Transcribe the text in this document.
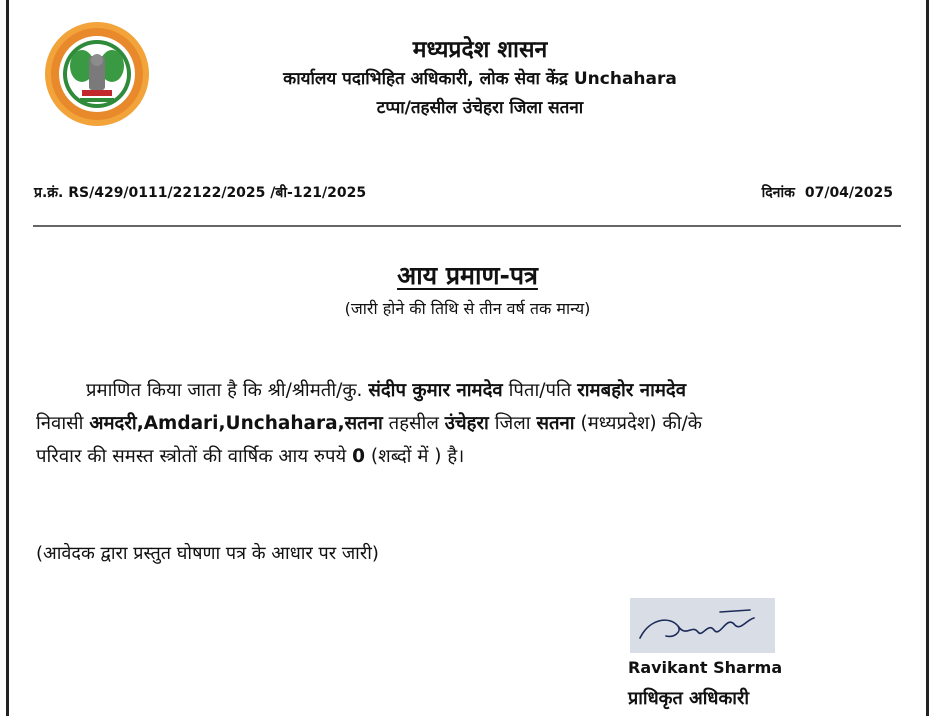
मध्यप्रदेश शासन
कार्यालय पदाभिहित अधिकारी, लोक सेवा केंद्र Unchahara
टप्पा/तहसील उंचेहरा जिला सतना
प्र.क्रं. RS/429/0111/22122/2025 /बी-121/2025	दिनांक 07/04/2025
आय प्रमाण-पत्र
(जारी होने की तिथि से तीन वर्ष तक मान्य)
प्रमाणित किया जाता है कि श्री/श्रीमती/कु. संदीप कुमार नामदेव पिता/पति रामबहोर नामदेव
निवासी अमदरी,Amdari,Unchahara,सतना तहसील उंचेहरा जिला सतना (मध्यप्रदेश) की/के
परिवार की समस्त स्त्रोतों की वार्षिक आय रुपये 0 (शब्दों में ) है।
(आवेदक द्वारा प्रस्तुत घोषणा पत्र के आधार पर जारी)
Ravikant Sharma
प्राधिकृत अधिकारी
